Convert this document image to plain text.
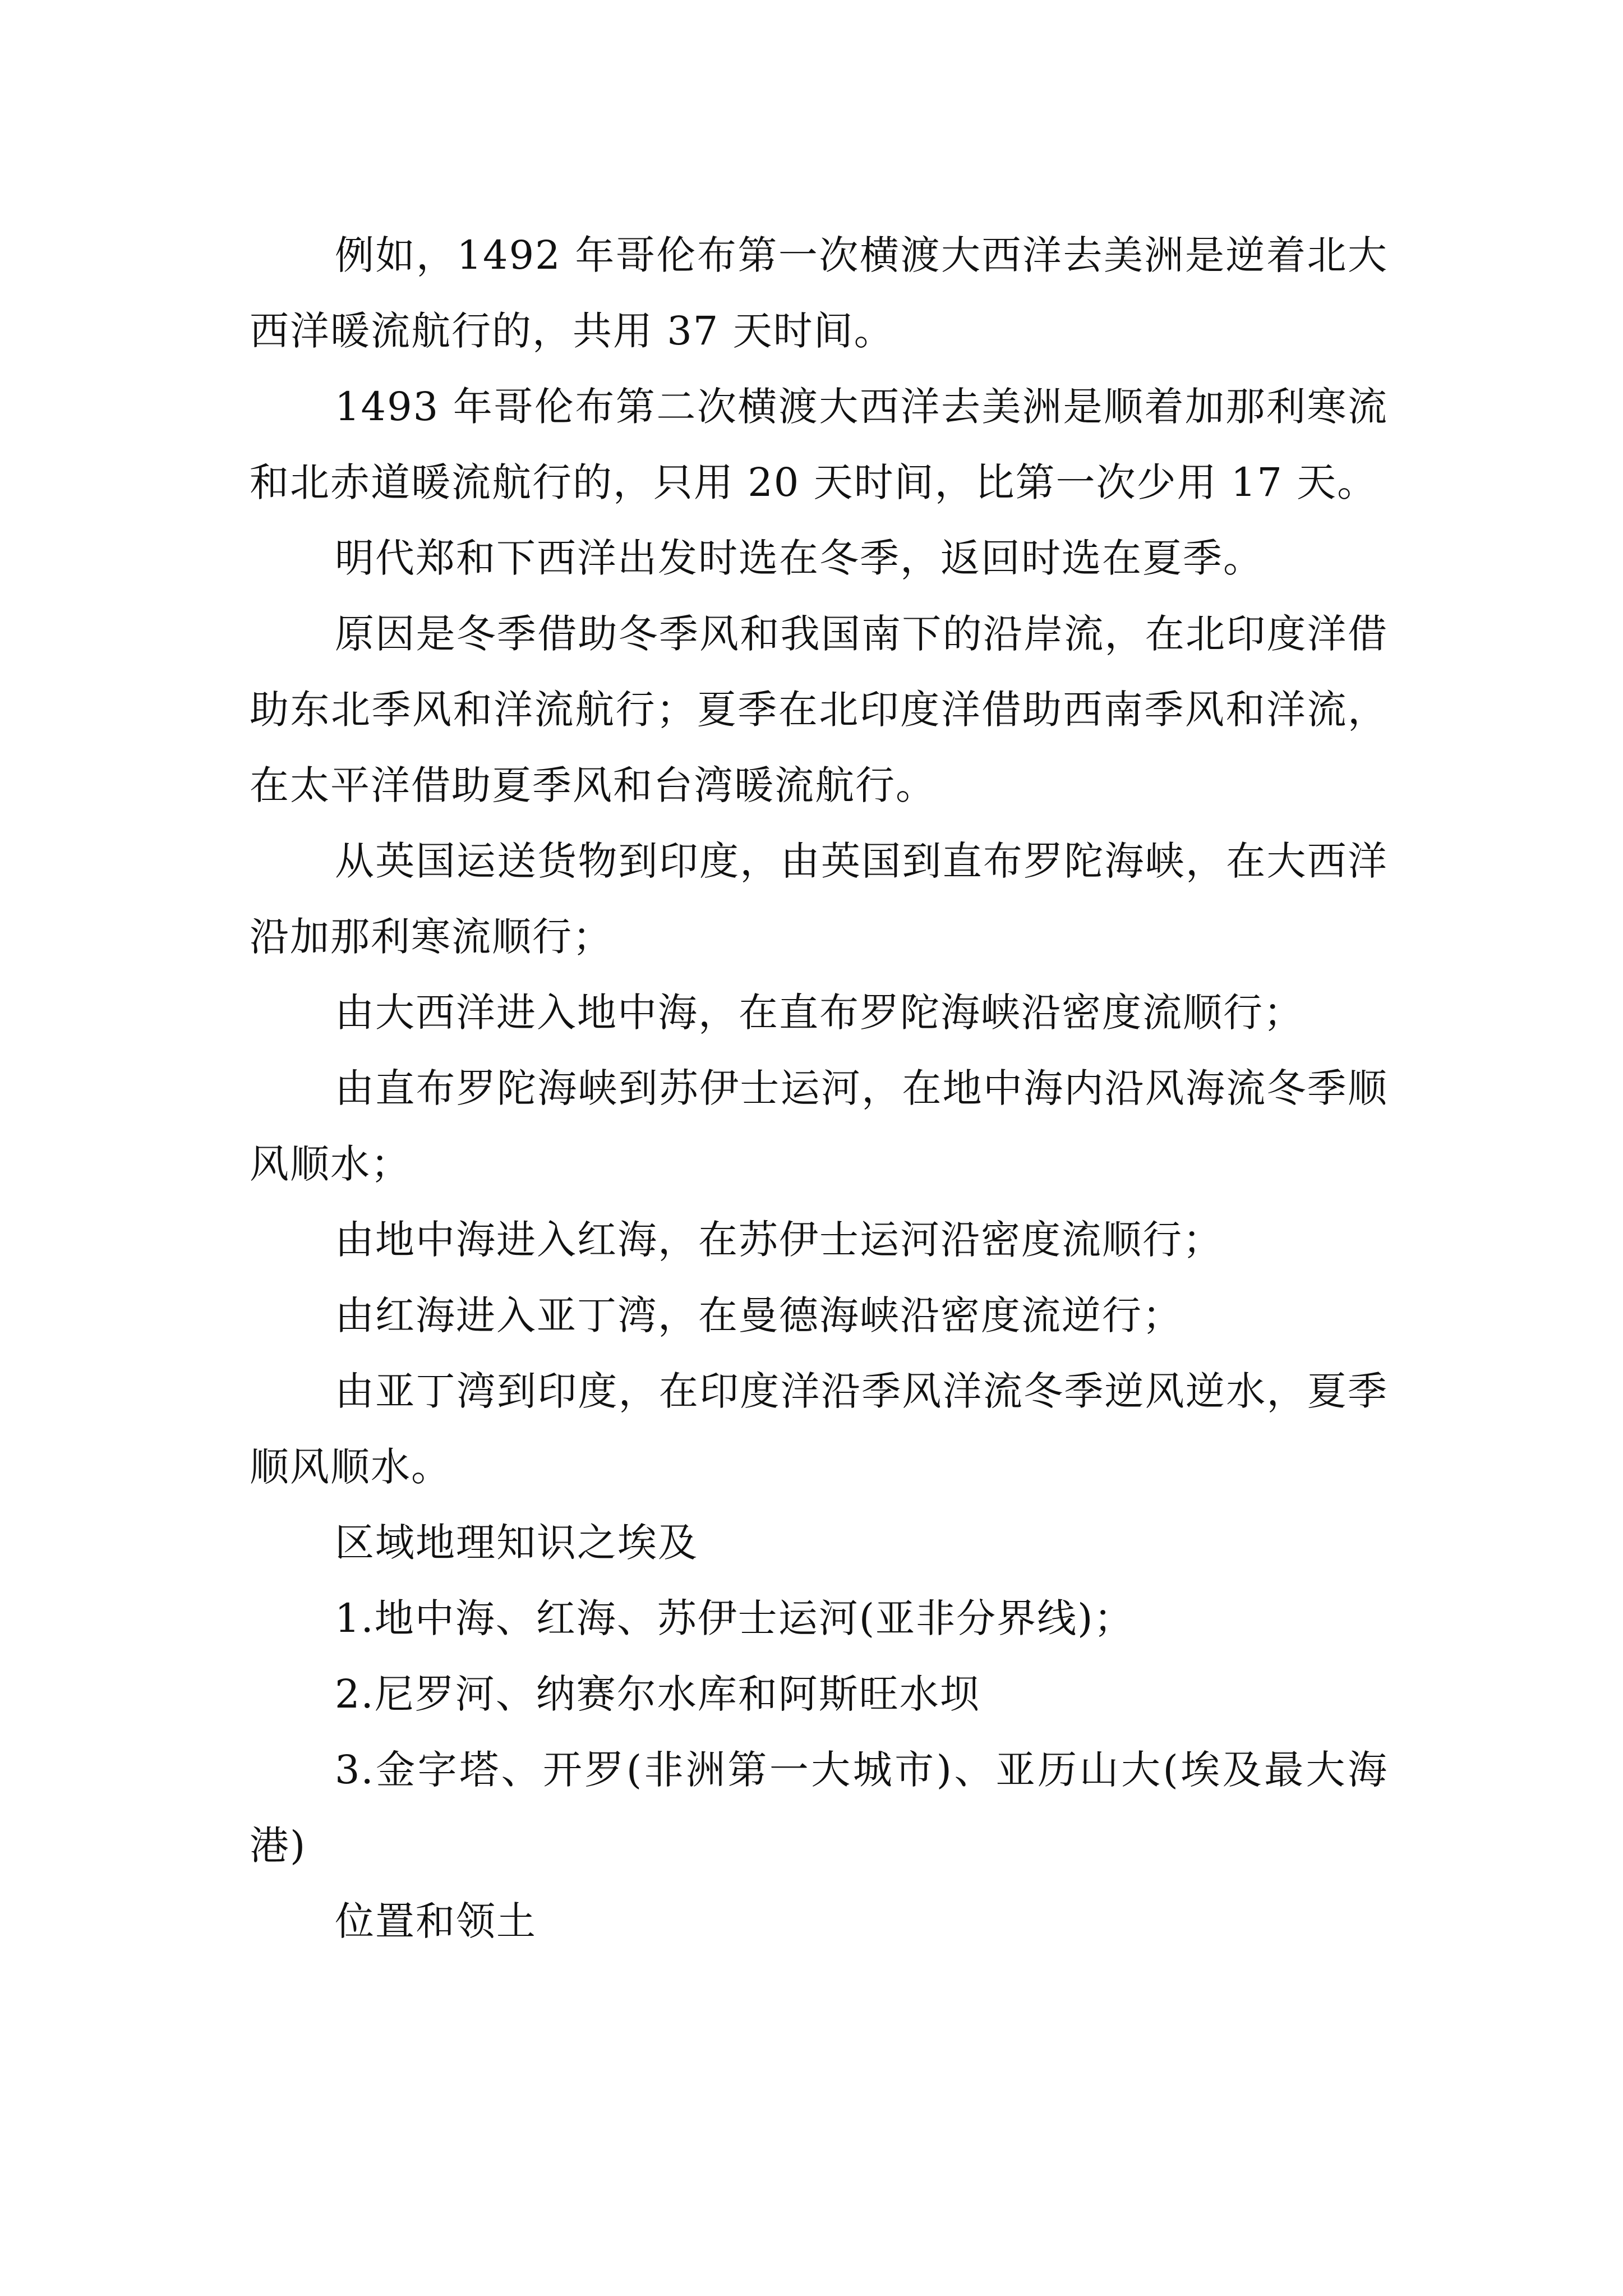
例如，1492 年哥伦布第一次横渡大西洋去美洲是逆着北大西洋暖流航行的，共用 37 天时间。

1493 年哥伦布第二次横渡大西洋去美洲是顺着加那利寒流和北赤道暖流航行的，只用 20 天时间，比第一次少用 17 天。

明代郑和下西洋出发时选在冬季，返回时选在夏季。

原因是冬季借助冬季风和我国南下的沿岸流，在北印度洋借助东北季风和洋流航行；夏季在北印度洋借助西南季风和洋流，在太平洋借助夏季风和台湾暖流航行。

从英国运送货物到印度，由英国到直布罗陀海峡，在大西洋沿加那利寒流顺行；

由大西洋进入地中海，在直布罗陀海峡沿密度流顺行；

由直布罗陀海峡到苏伊士运河，在地中海内沿风海流冬季顺风顺水；

由地中海进入红海，在苏伊士运河沿密度流顺行；

由红海进入亚丁湾，在曼德海峡沿密度流逆行；

由亚丁湾到印度，在印度洋沿季风洋流冬季逆风逆水，夏季顺风顺水。

区域地理知识之埃及

1.地中海、红海、苏伊士运河(亚非分界线)；

2.尼罗河、纳赛尔水库和阿斯旺水坝

3.金字塔、开罗(非洲第一大城市)、亚历山大(埃及最大海港)

位置和领土
